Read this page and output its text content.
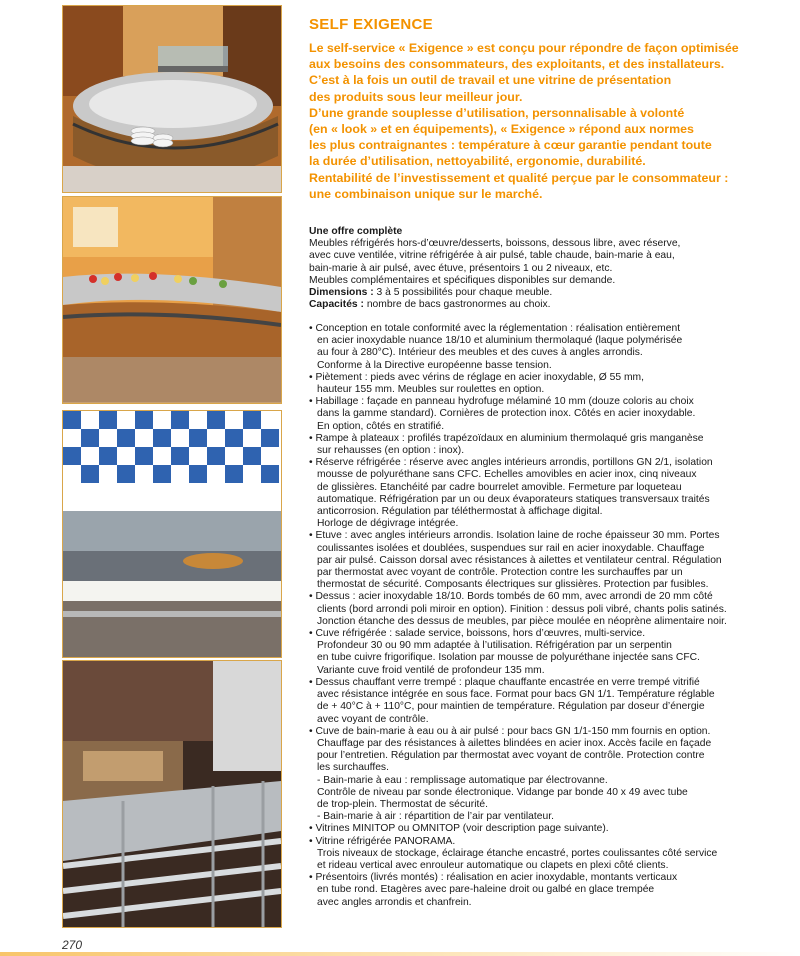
SELF EXIGENCE
Le self-service « Exigence » est conçu pour répondre de façon optimisée
aux besoins des consommateurs, des exploitants, et des installateurs.
C’est à la fois un outil de travail et une vitrine de présentation
des produits sous leur meilleur jour.
D’une grande souplesse d’utilisation, personnalisable à volonté
(en « look » et en équipements), « Exigence » répond aux normes
les plus contraignantes : température à cœur garantie pendant toute
la durée d’utilisation, nettoyabilité, ergonomie, durabilité.
Rentabilité de l’investissement et qualité perçue par le consommateur :
une combinaison unique sur le marché.
Une offre complète
Meubles réfrigérés hors-d’œuvre/desserts, boissons, dessous libre, avec réserve,
avec cuve ventilée, vitrine réfrigérée à air pulsé, table chaude, bain-marie à eau,
bain-marie à air pulsé, avec étuve, présentoirs 1 ou 2 niveaux, etc.
Meubles complémentaires et spécifiques disponibles sur demande.
Dimensions : 3 à 5 possibilités pour chaque meuble.
Capacités : nombre de bacs gastronormes au choix.
• Conception en totale conformité avec la réglementation : réalisation entièrement
en acier inoxydable nuance 18/10 et aluminium thermolaqué (laque polymérisée
au four à 280°C). Intérieur des meubles et des cuves à angles arrondis.
Conforme à la Directive européenne basse tension.
• Piètement : pieds avec vérins de réglage en acier inoxydable, Ø 55 mm,
hauteur 155 mm. Meubles sur roulettes en option.
• Habillage : façade en panneau hydrofuge mélaminé 10 mm (douze coloris au choix
dans la gamme standard). Cornières de protection inox. Côtés en acier inoxydable.
En option, côtés en stratifié.
• Rampe à plateaux : profilés trapézoïdaux en aluminium thermolaqué gris manganèse
sur rehausses (en option : inox).
• Réserve réfrigérée : réserve avec angles intérieurs arrondis, portillons GN 2/1, isolation
mousse de polyuréthane sans CFC. Echelles amovibles en acier inox, cinq niveaux
de glissières. Etanchéité par cadre bourrelet amovible. Fermeture par loqueteau
automatique. Réfrigération par un ou deux évaporateurs statiques transversaux traités
anticorrosion. Régulation par téléthermostat à affichage digital.
Horloge de dégivrage intégrée.
• Etuve : avec angles intérieurs arrondis. Isolation laine de roche épaisseur 30 mm. Portes
coulissantes isolées et doublées, suspendues sur rail en acier inoxydable. Chauffage
par air pulsé. Caisson dorsal avec résistances à ailettes et ventilateur central. Régulation
par thermostat avec voyant de contrôle. Protection contre les surchauffes par un
thermostat de sécurité. Composants électriques sur glissières. Protection par fusibles.
• Dessus : acier inoxydable 18/10. Bords tombés de 60 mm, avec arrondi de 20 mm côté
clients (bord arrondi poli miroir en option). Finition : dessus poli vibré, chants polis satinés.
Jonction étanche des dessus de meubles, par pièce moulée en néoprène alimentaire noir.
• Cuve réfrigérée : salade service, boissons, hors d’œuvres, multi-service.
Profondeur 30 ou 90 mm adaptée à l’utilisation. Réfrigération par un serpentin
en tube cuivre frigorifique. Isolation par mousse de polyuréthane injectée sans CFC.
Variante cuve froid ventilé de profondeur 135 mm.
• Dessus chauffant verre trempé : plaque chauffante encastrée en verre trempé vitrifié
avec résistance intégrée en sous face. Format pour bacs GN 1/1. Température réglable
de + 40°C à + 110°C, pour maintien de température. Régulation par doseur d’énergie
avec voyant de contrôle.
• Cuve de bain-marie à eau ou à air pulsé : pour bacs GN 1/1-150 mm fournis en option.
Chauffage par des résistances à ailettes blindées en acier inox. Accès facile en façade
pour l’entretien. Régulation par thermostat avec voyant de contrôle. Protection contre
les surchauffes.
- Bain-marie à eau : remplissage automatique par électrovanne.
Contrôle de niveau par sonde électronique. Vidange par bonde 40 x 49 avec tube
de trop-plein. Thermostat de sécurité.
- Bain-marie à air : répartition de l’air par ventilateur.
• Vitrines MINITOP ou OMNITOP (voir description page suivante).
• Vitrine réfrigérée PANORAMA.
Trois niveaux de stockage, éclairage étanche encastré, portes coulissantes côté service
et rideau vertical avec enrouleur automatique ou clapets en plexi côté clients.
• Présentoirs (livrés montés) : réalisation en acier inoxydable, montants verticaux
en tube rond. Etagères avec pare-haleine droit ou galbé en glace trempée
avec angles arrondis et chanfrein.
270
